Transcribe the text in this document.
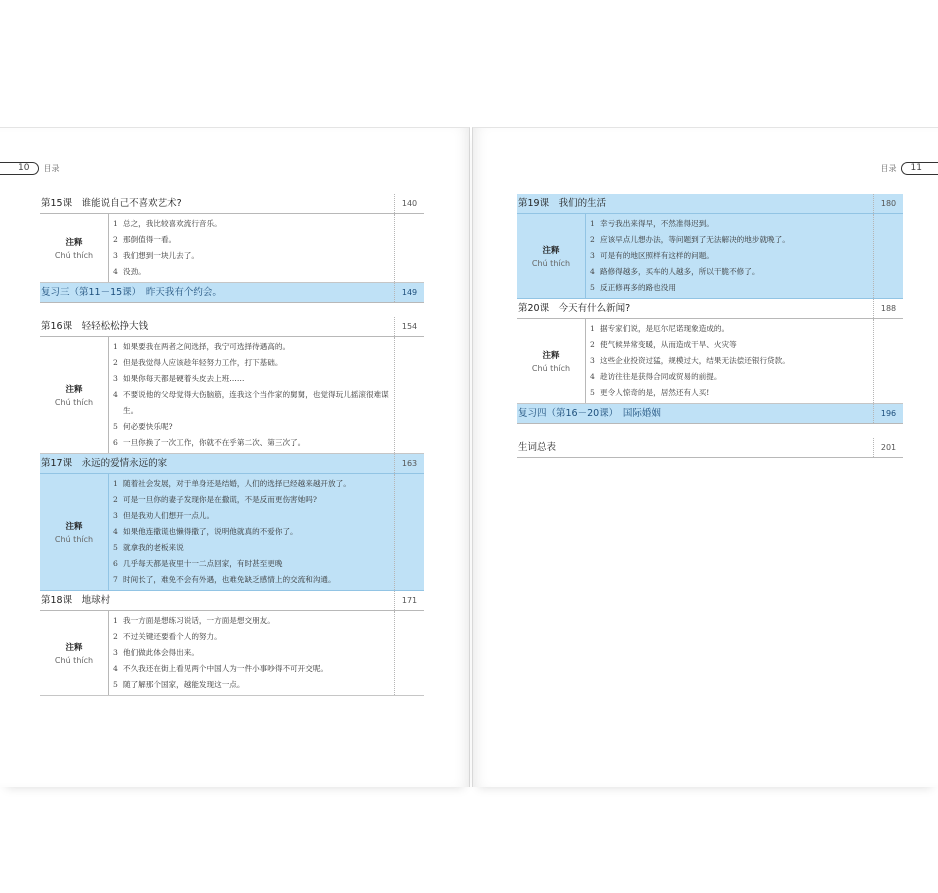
10	目录
第15课　谁能说自己不喜欢艺术?	140
注释
Chú thích
1 总之，我比较喜欢流行音乐。
2 那倒值得一看。
3 我们想到一块儿去了。
4 没劲。
复习三（第11－15课）　昨天我有个约会。	149
第16课　轻轻松松挣大钱	154
注释
Chú thích
1 如果要我在两者之间选择，我宁可选择待遇高的。
2 但是我觉得人应该趁年轻努力工作，打下基础。
3 如果你每天都是硬着头皮去上班……
4 不要说他的父母觉得大伤脑筋，连我这个当作家的舅舅，也觉得玩儿摇滚很难谋生。
5 何必要快乐呢?
6 一旦你换了一次工作，你就不在乎第二次、第三次了。
第17课　永远的爱情永远的家	163
注释
Chú thích
1 随着社会发展，对于单身还是结婚，人们的选择已经越来越开放了。
2 可是一旦你的妻子发现你是在撒谎，不是反而更伤害她吗?
3 但是我劝人们想开一点儿。
4 如果他连撒谎也懒得撒了，说明他就真的不爱你了。
5 就拿我的老板来说
6 几乎每天都是夜里十一二点回家，有时甚至更晚
7 时间长了，难免不会有外遇，也难免缺乏感情上的交流和沟通。
第18课　地球村	171
注释
Chú thích
1 我一方面是想练习说话，一方面是想交朋友。
2 不过关键还要看个人的努力。
3 他们做此体会得出来。
4 不久我还在街上看见两个中国人为一件小事吵得不可开交呢。
5 随了解那个国家，越能发现这一点。
目录	11
第19课　我们的生活	180
注释
Chú thích
1 幸亏我出来得早，不然准得迟到。
2 应该早点儿想办法，等问题到了无法解决的地步就晚了。
3 可是有的地区照样有这样的问题。
4 路修得越多，买车的人越多，所以干脆不修了。
5 反正修再多的路也没用
第20课　今天有什么新闻?	188
注释
Chú thích
1 据专家们说，是厄尔尼诺现象造成的。
2 使气候异常变暖，从而造成干旱、火灾等
3 这些企业投资过猛，规模过大，结果无法偿还银行贷款。
4 趁访往往是获得合同或贸易的前提。
5 更令人惊奇的是，居然还有人买!
复习四（第16－20课）　国际婚姻	196
生词总表	201
